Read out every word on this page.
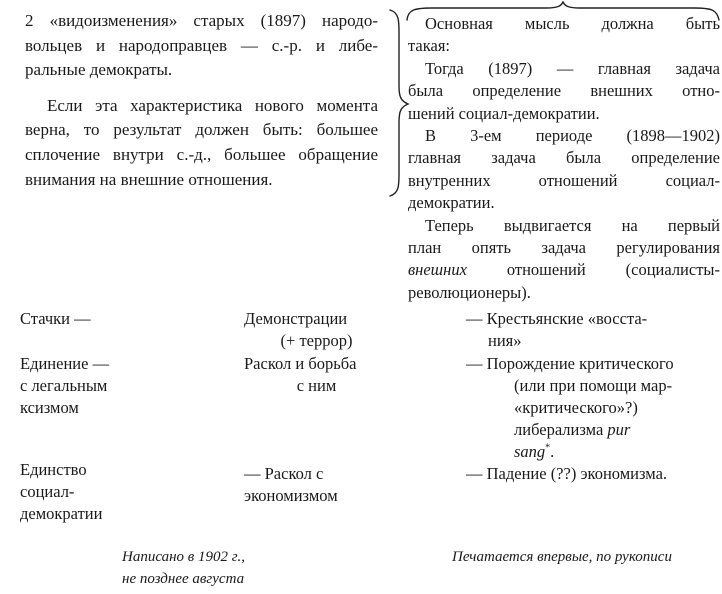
2 «видоизменения» старых (1897) народо-
вольцев и народоправцев — с.-р. и либе-
ральные демократы.
Если эта характеристика нового момента
верна, то результат должен быть: большее
сплочение внутри с.-д., большее обращение
внимания на внешние отношения.
Основная мысль должна быть
такая:
Тогда (1897) — главная задача
была определение внешних отно-
шений социал-демократии.
В 3-ем периоде (1898—1902)
главная задача была определение
внутренних отношений социал-
демократии.
Теперь выдвигается на первый
план опять задача регулирования
внешних отношений (социалисты-
революционеры).
Стачки —
Единение —
с легальным
ксизмом
Единство
социал-
демократии
Демонстрации
(+ террор)
Раскол и борьба
с ним
— Раскол с
экономизмом
— Крестьянские «восста-
ния»
— Порождение критического
(или при помощи мар-
«критического»?)
либерализма pur
sang*.
— Падение (??) экономизма.
Написано в 1902 г.,
не позднее августа
Печатается впервые, по рукописи
